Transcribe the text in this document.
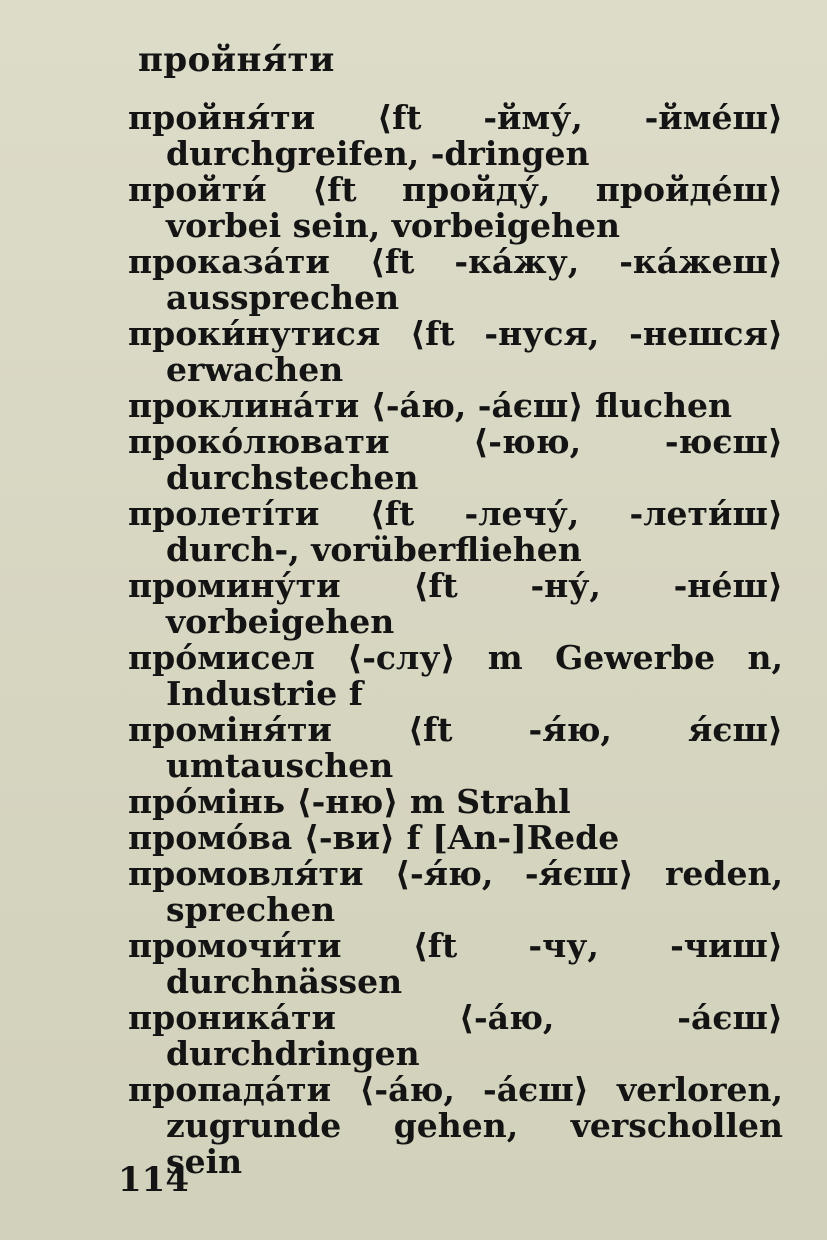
пройня́ти
пройня́ти ⟨ft -йму́, -йме́ш⟩ durchgreifen, -dringen
пройти́ ⟨ft пройду́, пройде́ш⟩ vorbei sein, vorbeigehen
проказа́ти ⟨ft -ка́жу, -ка́жеш⟩ aussprechen
проки́нутися ⟨ft -нуся, -нешся⟩ erwachen
проклина́ти ⟨-а́ю, -а́єш⟩ fluchen
проко́лювати	⟨-юю, -юєш⟩ durchstechen
пролеті́ти ⟨ft -лечу́, -лети́ш⟩ durch-, vorüberfliehen
промину́ти ⟨ft -ну́, -не́ш⟩ vorbeigehen
про́мисел ⟨-слу⟩ m Gewerbe n, Industrie f
проміня́ти ⟨ft -я́ю, я́єш⟩ umtauschen
про́мінь ⟨-ню⟩ m Strahl
промо́ва ⟨-ви⟩ f [An-]Rede
промовля́ти ⟨-я́ю, -я́єш⟩ reden, sprechen
промочи́ти ⟨ft -чу, -чиш⟩ durchnässen
проника́ти	⟨-а́ю, -а́єш⟩ durchdringen
пропада́ти ⟨-а́ю, -а́єш⟩ verloren, zugrunde gehen, verschollen sein
114
